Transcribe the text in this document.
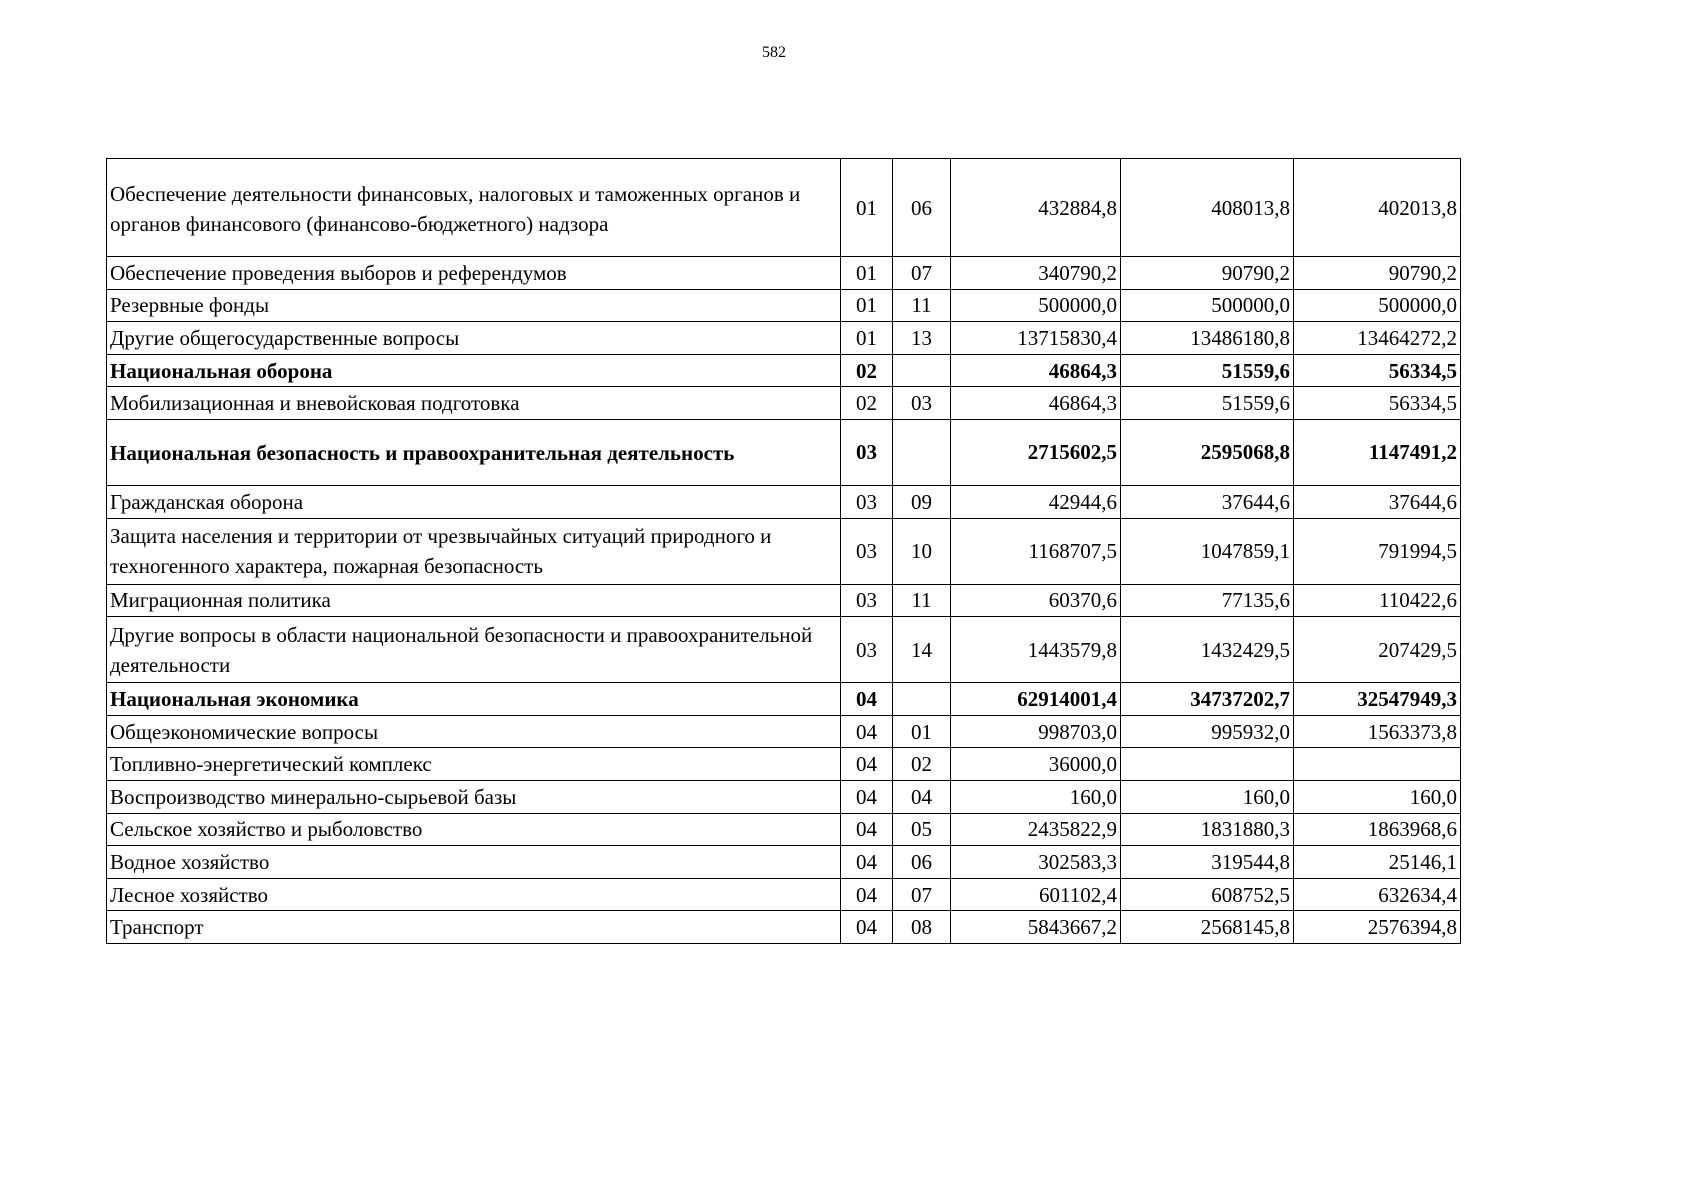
582
Обеспечение деятельности финансовых, налоговых и таможенных органов и органов финансового (финансово-бюджетного) надзора	01	06	432884,8	408013,8	402013,8
Обеспечение проведения выборов и референдумов	01	07	340790,2	90790,2	90790,2
Резервные фонды	01	11	500000,0	500000,0	500000,0
Другие общегосударственные вопросы	01	13	13715830,4	13486180,8	13464272,2
Национальная оборона	02		46864,3	51559,6	56334,5
Мобилизационная и вневойсковая подготовка	02	03	46864,3	51559,6	56334,5
Национальная безопасность и правоохранительная деятельность	03		2715602,5	2595068,8	1147491,2
Гражданская оборона	03	09	42944,6	37644,6	37644,6
Защита населения и территории от чрезвычайных ситуаций природного и техногенного характера, пожарная безопасность	03	10	1168707,5	1047859,1	791994,5
Миграционная политика	03	11	60370,6	77135,6	110422,6
Другие вопросы в области национальной безопасности и правоохранительной деятельности	03	14	1443579,8	1432429,5	207429,5
Национальная экономика	04		62914001,4	34737202,7	32547949,3
Общеэкономические вопросы	04	01	998703,0	995932,0	1563373,8
Топливно-энергетический комплекс	04	02	36000,0		
Воспроизводство минерально-сырьевой базы	04	04	160,0	160,0	160,0
Сельское хозяйство и рыболовство	04	05	2435822,9	1831880,3	1863968,6
Водное хозяйство	04	06	302583,3	319544,8	25146,1
Лесное хозяйство	04	07	601102,4	608752,5	632634,4
Транспорт	04	08	5843667,2	2568145,8	2576394,8
